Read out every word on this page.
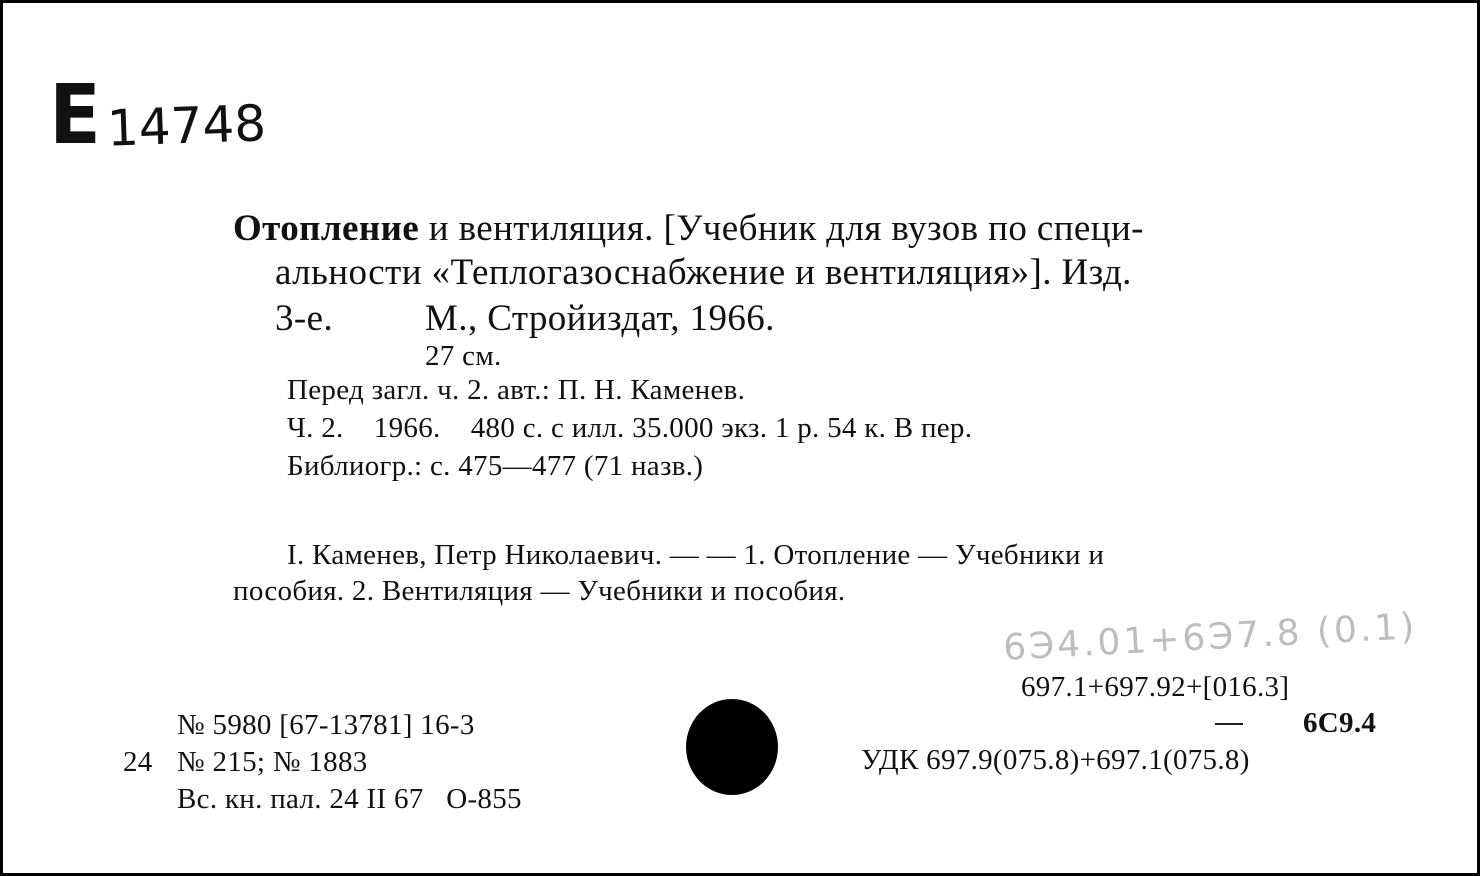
Е 14748
Отопление и вентиляция. [Учебник для вузов по специ-
альности «Теплогазоснабжение и вентиляция»]. Изд.
3-е. М., Стройиздат, 1966.
27 см.
Перед загл. ч. 2. авт.: П. Н. Каменев.
Ч. 2.    1966.    480 с. с илл. 35.000 экз. 1 р. 54 к. В пер.
Библиогр.: с. 475—477 (71 назв.)
I. Каменев, Петр Николаевич. — — 1. Отопление — Учебники и
пособия. 2. Вентиляция — Учебники и пособия.
6Э4.01+6Э7.8 (0.1)
697.1+697.92+[016.3]
6С9.4
УДК 697.9(075.8)+697.1(075.8)
№ 5980 [67-13781] 16-3
24 № 215; № 1883
Вс. кн. пал. 24 II 67   О-855
